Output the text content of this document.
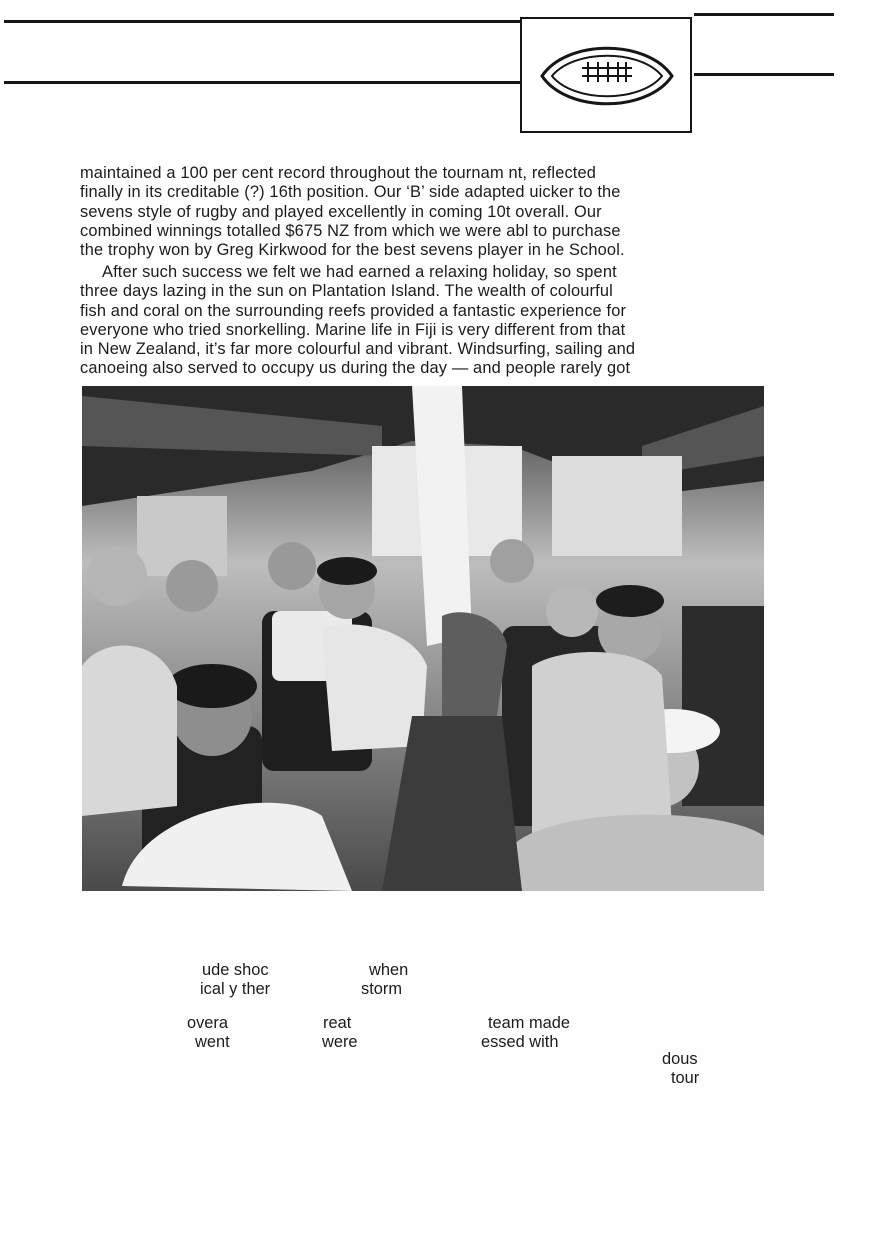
maintained a 100 per cent record throughout the tournam nt, reflected
finally in its creditable (?) 16th position. Our ‘B’ side adapted uicker to the
sevens style of rugby and played excellently in coming 10t overall. Our
combined winnings totalled $675 NZ from which we were abl to purchase
the trophy won by Greg Kirkwood for the best sevens player in he School.
After such success we felt we had earned a relaxing holiday, so spent
three days lazing in the sun on Plantation Island. The wealth of colourful
fish and coral on the surrounding reefs provided a fantastic experience for
everyone who tried snorkelling. Marine life in Fiji is very different from that
in New Zealand, it’s far more colourful and vibrant. Windsurfing, sailing and
canoeing also served to occupy us during the day — and people rarely got
ude shoc
ical y ther
when
storm
overa
went
reat
were
team made
essed with
dous
tour
